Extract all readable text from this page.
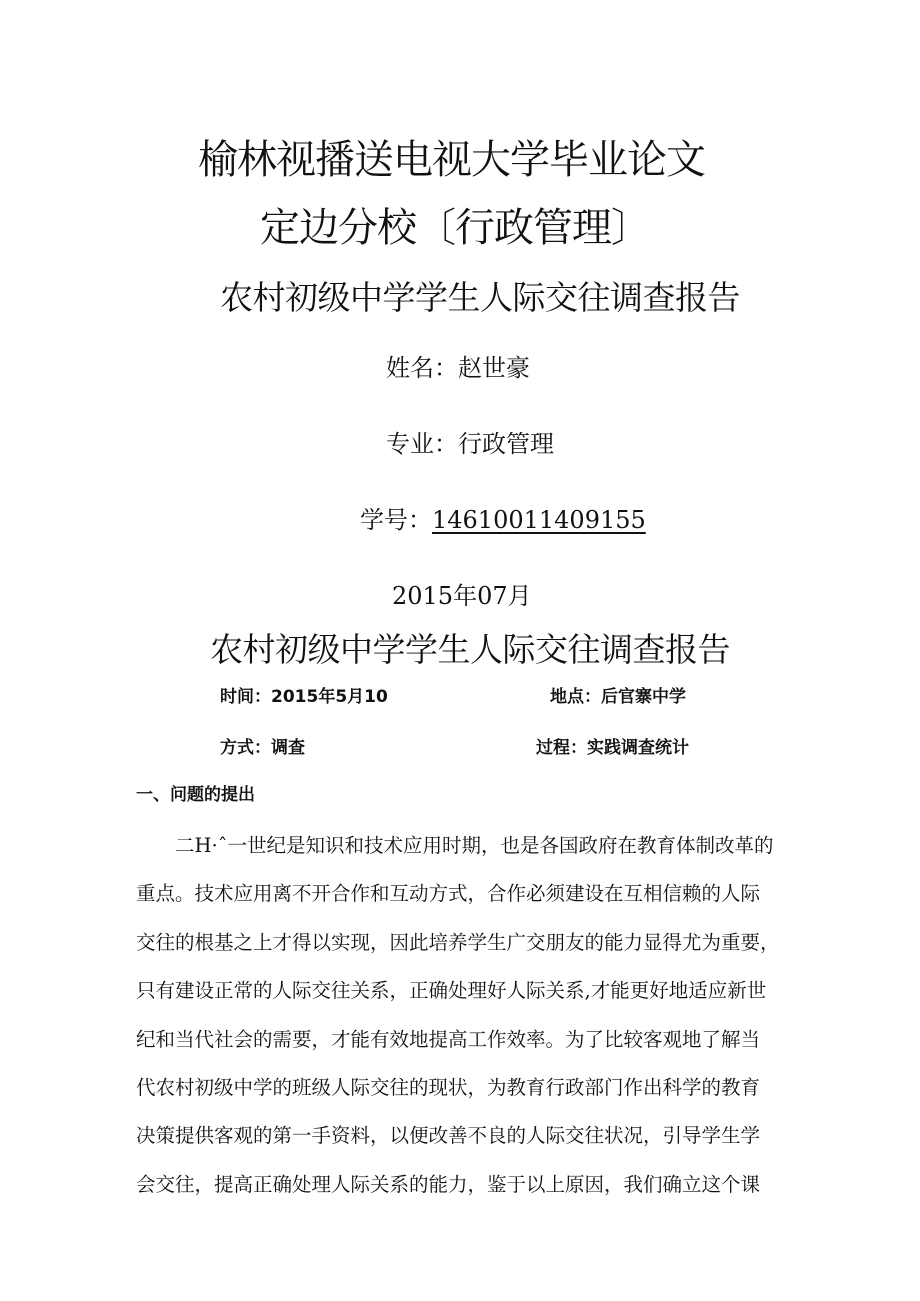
榆林视播送电视大学毕业论文
定边分校〔行政管理〕
农村初级中学学生人际交往调查报告
姓名：赵世豪
专业：行政管理
学号：14610011409155
2015年07月
农村初级中学学生人际交往调查报告
时间：2015年5月10	地点：后官寨中学
方式：调查	过程：实践调查统计
一、问题的提出
　　二H·ˆ一世纪是知识和技术应用时期，也是各国政府在教育体制改革的
重点。技术应用离不开合作和互动方式，合作必须建设在互相信赖的人际
交往的根基之上才得以实现，因此培养学生广交朋友的能力显得尤为重要，
只有建设正常的人际交往关系，正确处理好人际关系,才能更好地适应新世
纪和当代社会的需要，才能有效地提高工作效率。为了比较客观地了解当
代农村初级中学的班级人际交往的现状，为教育行政部门作出科学的教育
决策提供客观的第一手资料，以便改善不良的人际交往状况，引导学生学
会交往，提高正确处理人际关系的能力，鉴于以上原因，我们确立这个课
